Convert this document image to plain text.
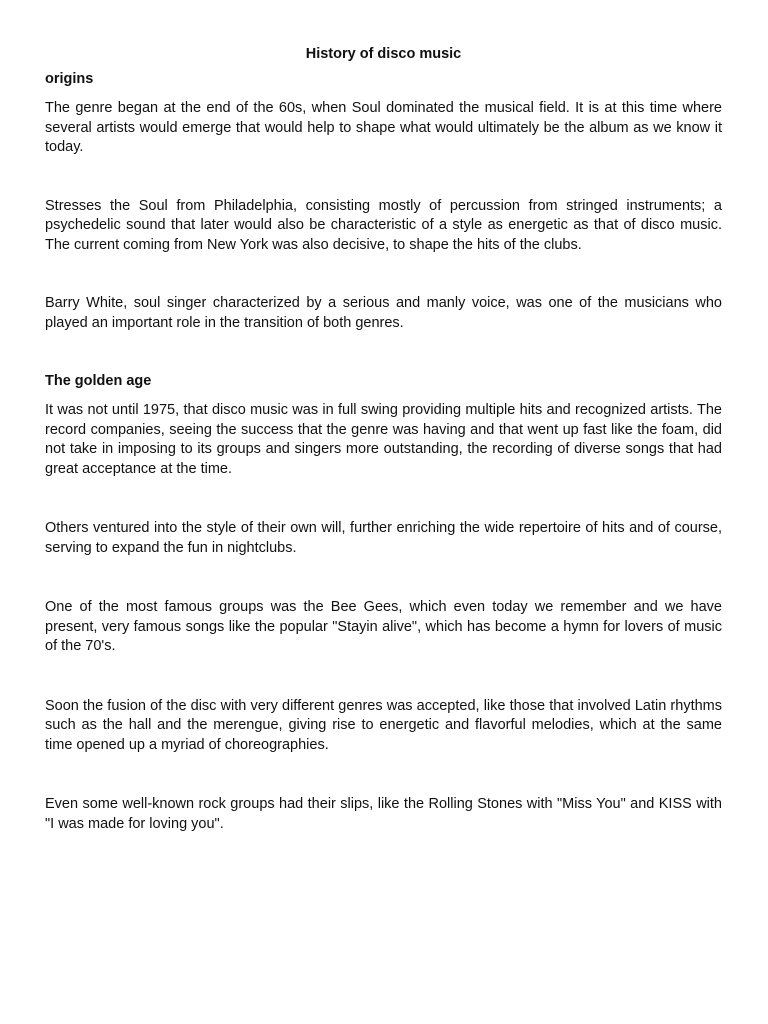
History of disco music
origins

The genre began at the end of the 60s, when Soul dominated the musical field. It is at this time where several artists would emerge that would help to shape what would ultimately be the album as we know it today.

Stresses the Soul from Philadelphia, consisting mostly of percussion from stringed instruments; a psychedelic sound that later would also be characteristic of a style as energetic as that of disco music. The current coming from New York was also decisive, to shape the hits of the clubs.

Barry White, soul singer characterized by a serious and manly voice, was one of the musicians who played an important role in the transition of both genres.

The golden age

It was not until 1975, that disco music was in full swing providing multiple hits and recognized artists. The record companies, seeing the success that the genre was having and that went up fast like the foam, did not take in imposing to its groups and singers more outstanding, the recording of diverse songs that had great acceptance at the time.

Others ventured into the style of their own will, further enriching the wide repertoire of hits and of course, serving to expand the fun in nightclubs.

One of the most famous groups was the Bee Gees, which even today we remember and we have present, very famous songs like the popular "Stayin alive", which has become a hymn for lovers of music of the 70's.

Soon the fusion of the disc with very different genres was accepted, like those that involved Latin rhythms such as the hall and the merengue, giving rise to energetic and flavorful melodies, which at the same time opened up a myriad of choreographies.

Even some well-known rock groups had their slips, like the Rolling Stones with "Miss You" and KISS with "I was made for loving you".
